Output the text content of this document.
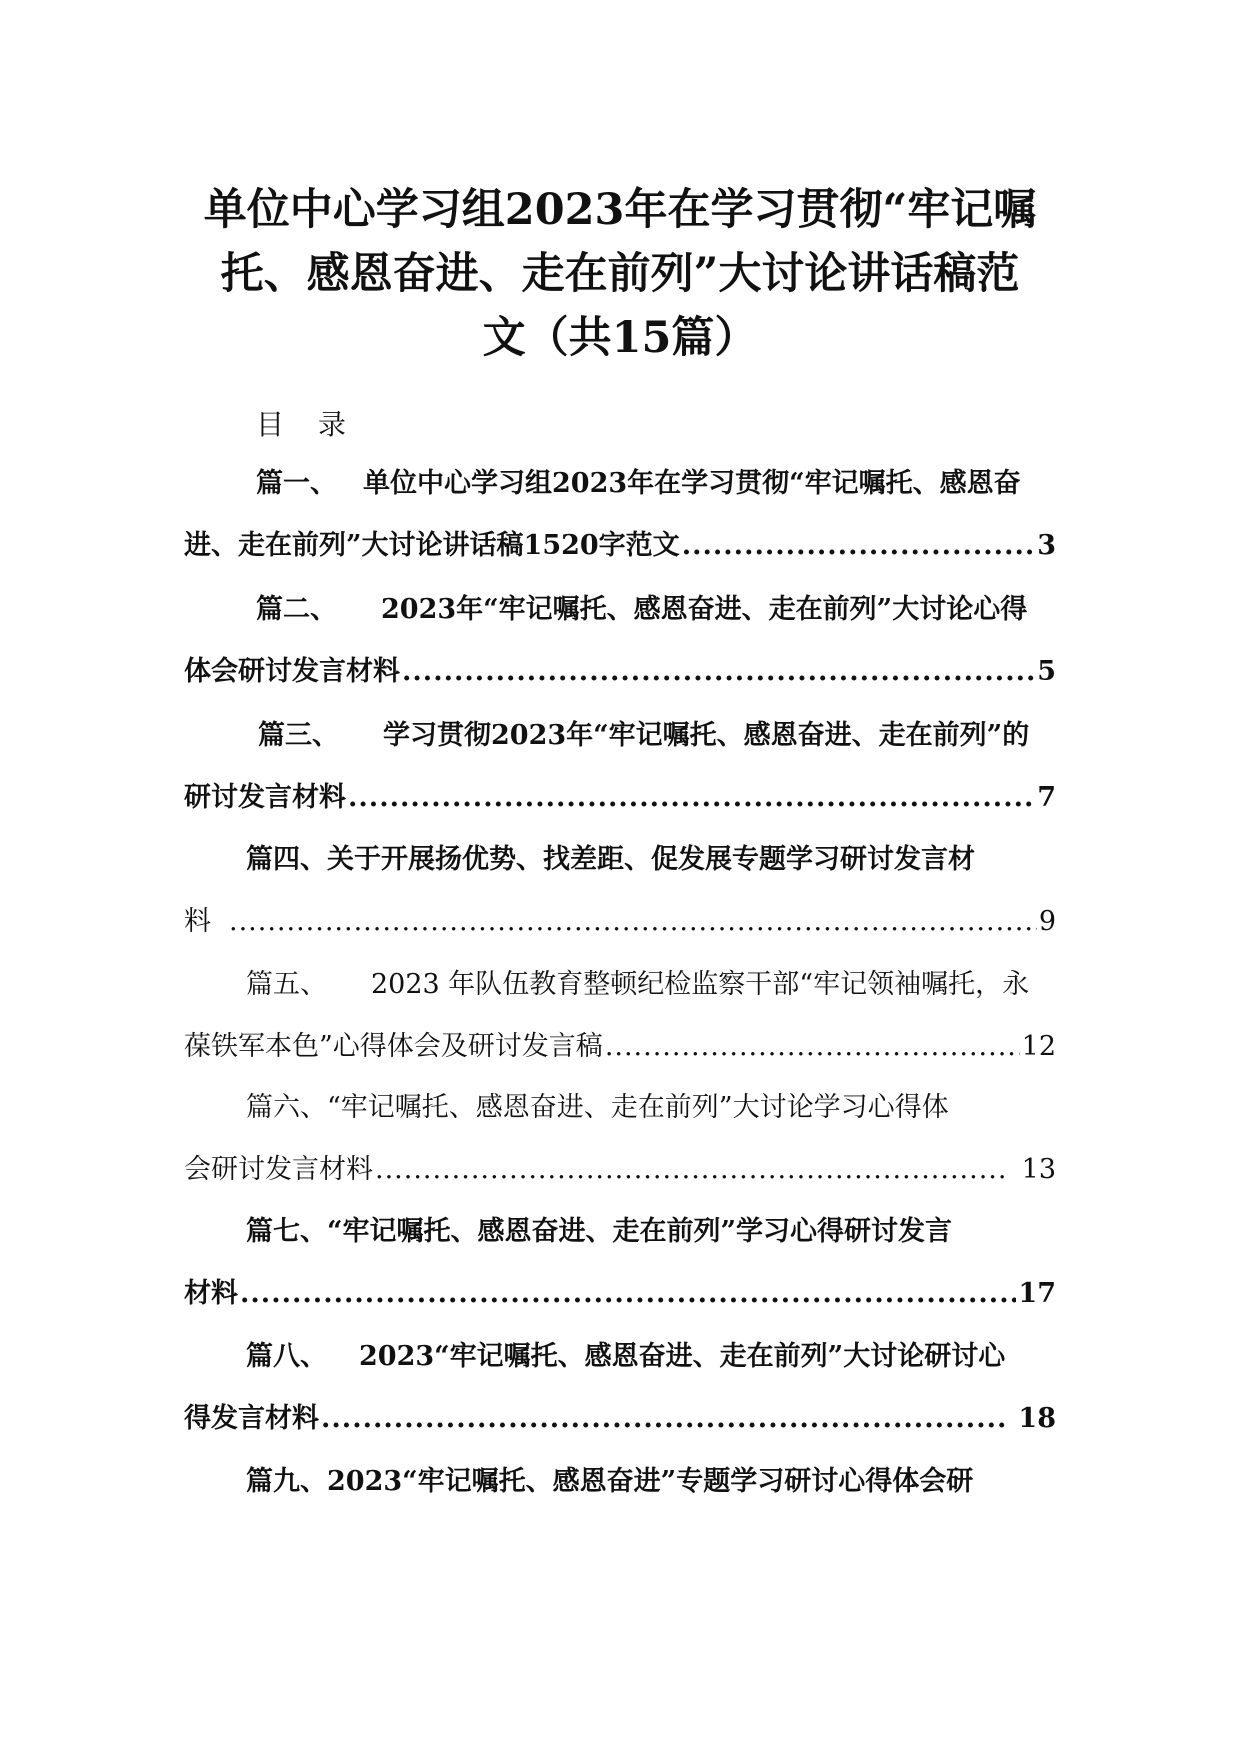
单位中心学习组2023年在学习贯彻“牢记嘱
托、感恩奋进、走在前列”大讨论讲话稿范
文（共15篇）
目 录
篇一、 单位中心学习组2023年在学习贯彻“牢记嘱托、感恩奋
进、走在前列”大讨论讲话稿1520字范文 .....	3
篇二、 2023年“牢记嘱托、感恩奋进、走在前列”大讨论心得
体会研讨发言材料 .....	5
篇三、 学习贯彻2023年“牢记嘱托、感恩奋进、走在前列”的
研讨发言材料 .....	7
篇四、关于开展扬优势、找差距、促发展专题学习研讨发言材
料 .....	9
篇五、 2023 年队伍教育整顿纪检监察干部“牢记领袖嘱托，永
葆铁军本色”心得体会及研讨发言稿 .....	12
篇六、“牢记嘱托、感恩奋进、走在前列”大讨论学习心得体
会研讨发言材料 .....	13
篇七、“牢记嘱托、感恩奋进、走在前列”学习心得研讨发言
材料 .....	17
篇八、 2023“牢记嘱托、感恩奋进、走在前列”大讨论研讨心
得发言材料 .....	18
篇九、2023“牢记嘱托、感恩奋进”专题学习研讨心得体会研
